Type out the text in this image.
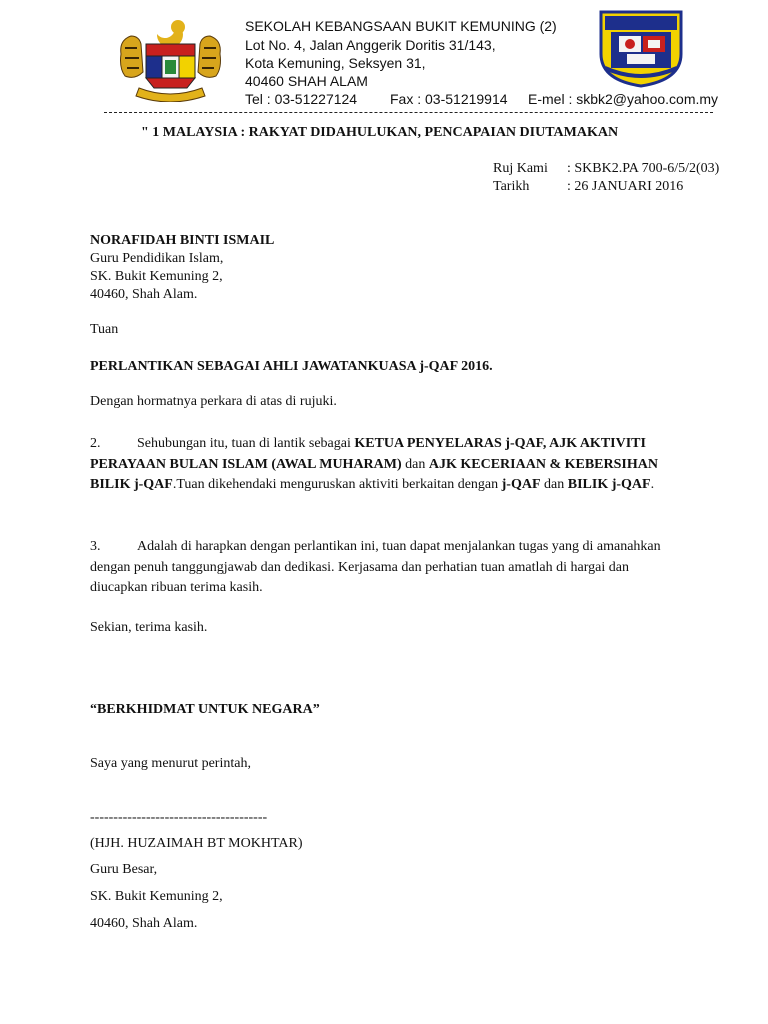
SEKOLAH KEBANGSAAN BUKIT KEMUNING (2)
Lot No. 4, Jalan Anggerik Doritis 31/143,
Kota Kemuning, Seksyen 31,
40460 SHAH ALAM
Tel : 03-51227124 Fax : 03-51219914 E-mel : skbk2@yahoo.com.my
" 1 MALAYSIA : RAKYAT DIDAHULUKAN, PENCAPAIAN DIUTAMAKAN
Ruj Kami : SKBK2.PA 700-6/5/2(03)
Tarikh	: 26 JANUARI 2016
NORAFIDAH BINTI ISMAIL
Guru Pendidikan Islam,
SK. Bukit Kemuning 2,
40460, Shah Alam.
Tuan
PERLANTIKAN SEBAGAI AHLI JAWATANKUASA j-QAF 2016.
Dengan hormatnya perkara di atas di rujuki.
2.	Sehubungan itu, tuan di lantik sebagai KETUA PENYELARAS j-QAF, AJK AKTIVITI PERAYAAN BULAN ISLAM (AWAL MUHARAM) dan AJK KECERIAAN & KEBERSIHAN BILIK j-QAF.Tuan dikehendaki menguruskan aktiviti berkaitan dengan j-QAF dan BILIK j-QAF.
3.	Adalah di harapkan dengan perlantikan ini, tuan dapat menjalankan tugas yang di amanahkan dengan penuh tanggungjawab dan dedikasi. Kerjasama dan perhatian tuan amatlah di hargai dan diucapkan ribuan terima kasih.
Sekian, terima kasih.
“BERKHIDMAT UNTUK NEGARA”
Saya yang menurut perintah,
--------------------------------------
(HJH. HUZAIMAH BT MOKHTAR)
Guru Besar,
SK. Bukit Kemuning 2,
40460, Shah Alam.
